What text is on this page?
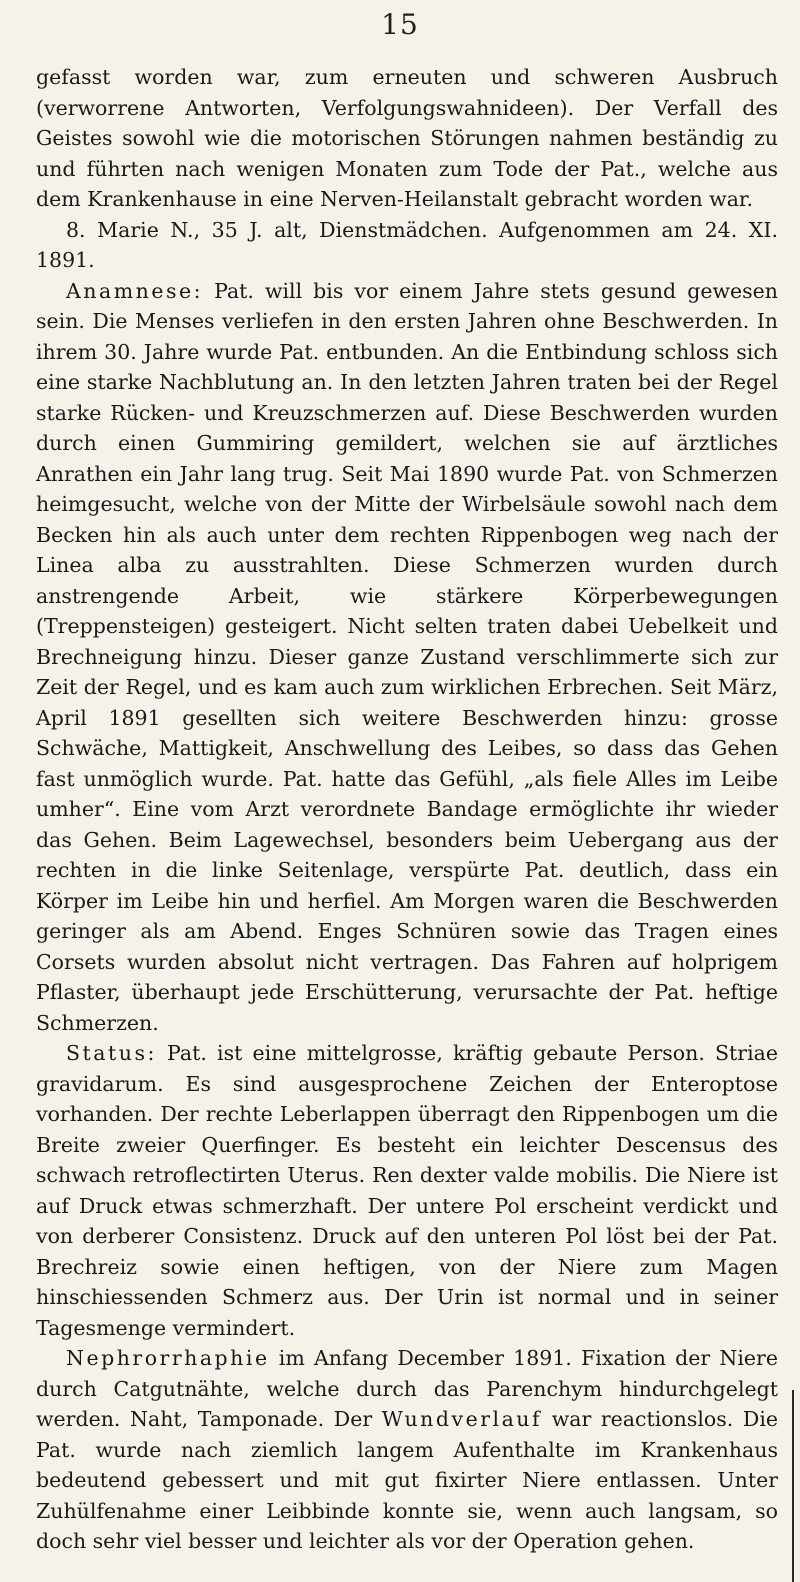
15

gefasst worden war, zum erneuten und schweren Ausbruch (verworrene Antworten, Verfolgungswahnideen). Der Verfall des Geistes sowohl wie die motorischen Störungen nahmen beständig zu und führten nach wenigen Monaten zum Tode der Pat., welche aus dem Krankenhause in eine Nerven-Heilanstalt gebracht worden war.

8. Marie N., 35 J. alt, Dienstmädchen. Aufgenommen am 24. XI. 1891.

Anamnese: Pat. will bis vor einem Jahre stets gesund gewesen sein. Die Menses verliefen in den ersten Jahren ohne Beschwerden. In ihrem 30. Jahre wurde Pat. entbunden. An die Entbindung schloss sich eine starke Nachblutung an. In den letzten Jahren traten bei der Regel starke Rücken- und Kreuzschmerzen auf. Diese Beschwerden wurden durch einen Gummiring gemildert, welchen sie auf ärztliches Anrathen ein Jahr lang trug. Seit Mai 1890 wurde Pat. von Schmerzen heimgesucht, welche von der Mitte der Wirbelsäule sowohl nach dem Becken hin als auch unter dem rechten Rippenbogen weg nach der Linea alba zu ausstrahlten. Diese Schmerzen wurden durch anstrengende Arbeit, wie stärkere Körperbewegungen (Treppensteigen) gesteigert. Nicht selten traten dabei Uebelkeit und Brechneigung hinzu. Dieser ganze Zustand verschlimmerte sich zur Zeit der Regel, und es kam auch zum wirklichen Erbrechen. Seit März, April 1891 gesellten sich weitere Beschwerden hinzu: grosse Schwäche, Mattigkeit, Anschwellung des Leibes, so dass das Gehen fast unmöglich wurde. Pat. hatte das Gefühl, „als fiele Alles im Leibe umher“. Eine vom Arzt verordnete Bandage ermöglichte ihr wieder das Gehen. Beim Lagewechsel, besonders beim Uebergang aus der rechten in die linke Seitenlage, verspürte Pat. deutlich, dass ein Körper im Leibe hin und herfiel. Am Morgen waren die Beschwerden geringer als am Abend. Enges Schnüren sowie das Tragen eines Corsets wurden absolut nicht vertragen. Das Fahren auf holprigem Pflaster, überhaupt jede Erschütterung, verursachte der Pat. heftige Schmerzen.

Status: Pat. ist eine mittelgrosse, kräftig gebaute Person. Striae gravidarum. Es sind ausgesprochene Zeichen der Enteroptose vorhanden. Der rechte Leberlappen überragt den Rippenbogen um die Breite zweier Querfinger. Es besteht ein leichter Descensus des schwach retroflectirten Uterus. Ren dexter valde mobilis. Die Niere ist auf Druck etwas schmerzhaft. Der untere Pol erscheint verdickt und von derberer Consistenz. Druck auf den unteren Pol löst bei der Pat. Brechreiz sowie einen heftigen, von der Niere zum Magen hinschiessenden Schmerz aus. Der Urin ist normal und in seiner Tagesmenge vermindert.

Nephrorrhaphie im Anfang December 1891. Fixation der Niere durch Catgutnähte, welche durch das Parenchym hindurchgelegt werden. Naht, Tamponade. Der Wundverlauf war reactionslos. Die Pat. wurde nach ziemlich langem Aufenthalte im Krankenhaus bedeutend gebessert und mit gut fixirter Niere entlassen. Unter Zuhülfenahme einer Leibbinde konnte sie, wenn auch langsam, so doch sehr viel besser und leichter als vor der Operation gehen.
